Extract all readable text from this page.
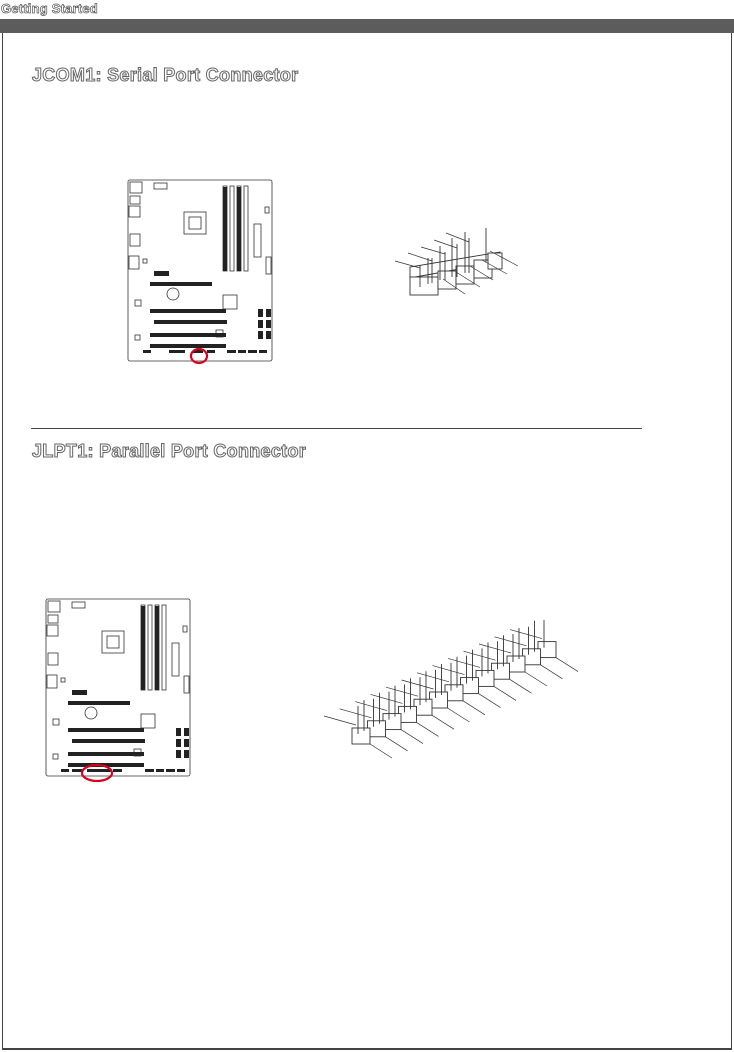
Getting Started
JCOM1: Serial Port Connector
JLPT1: Parallel Port Connector
